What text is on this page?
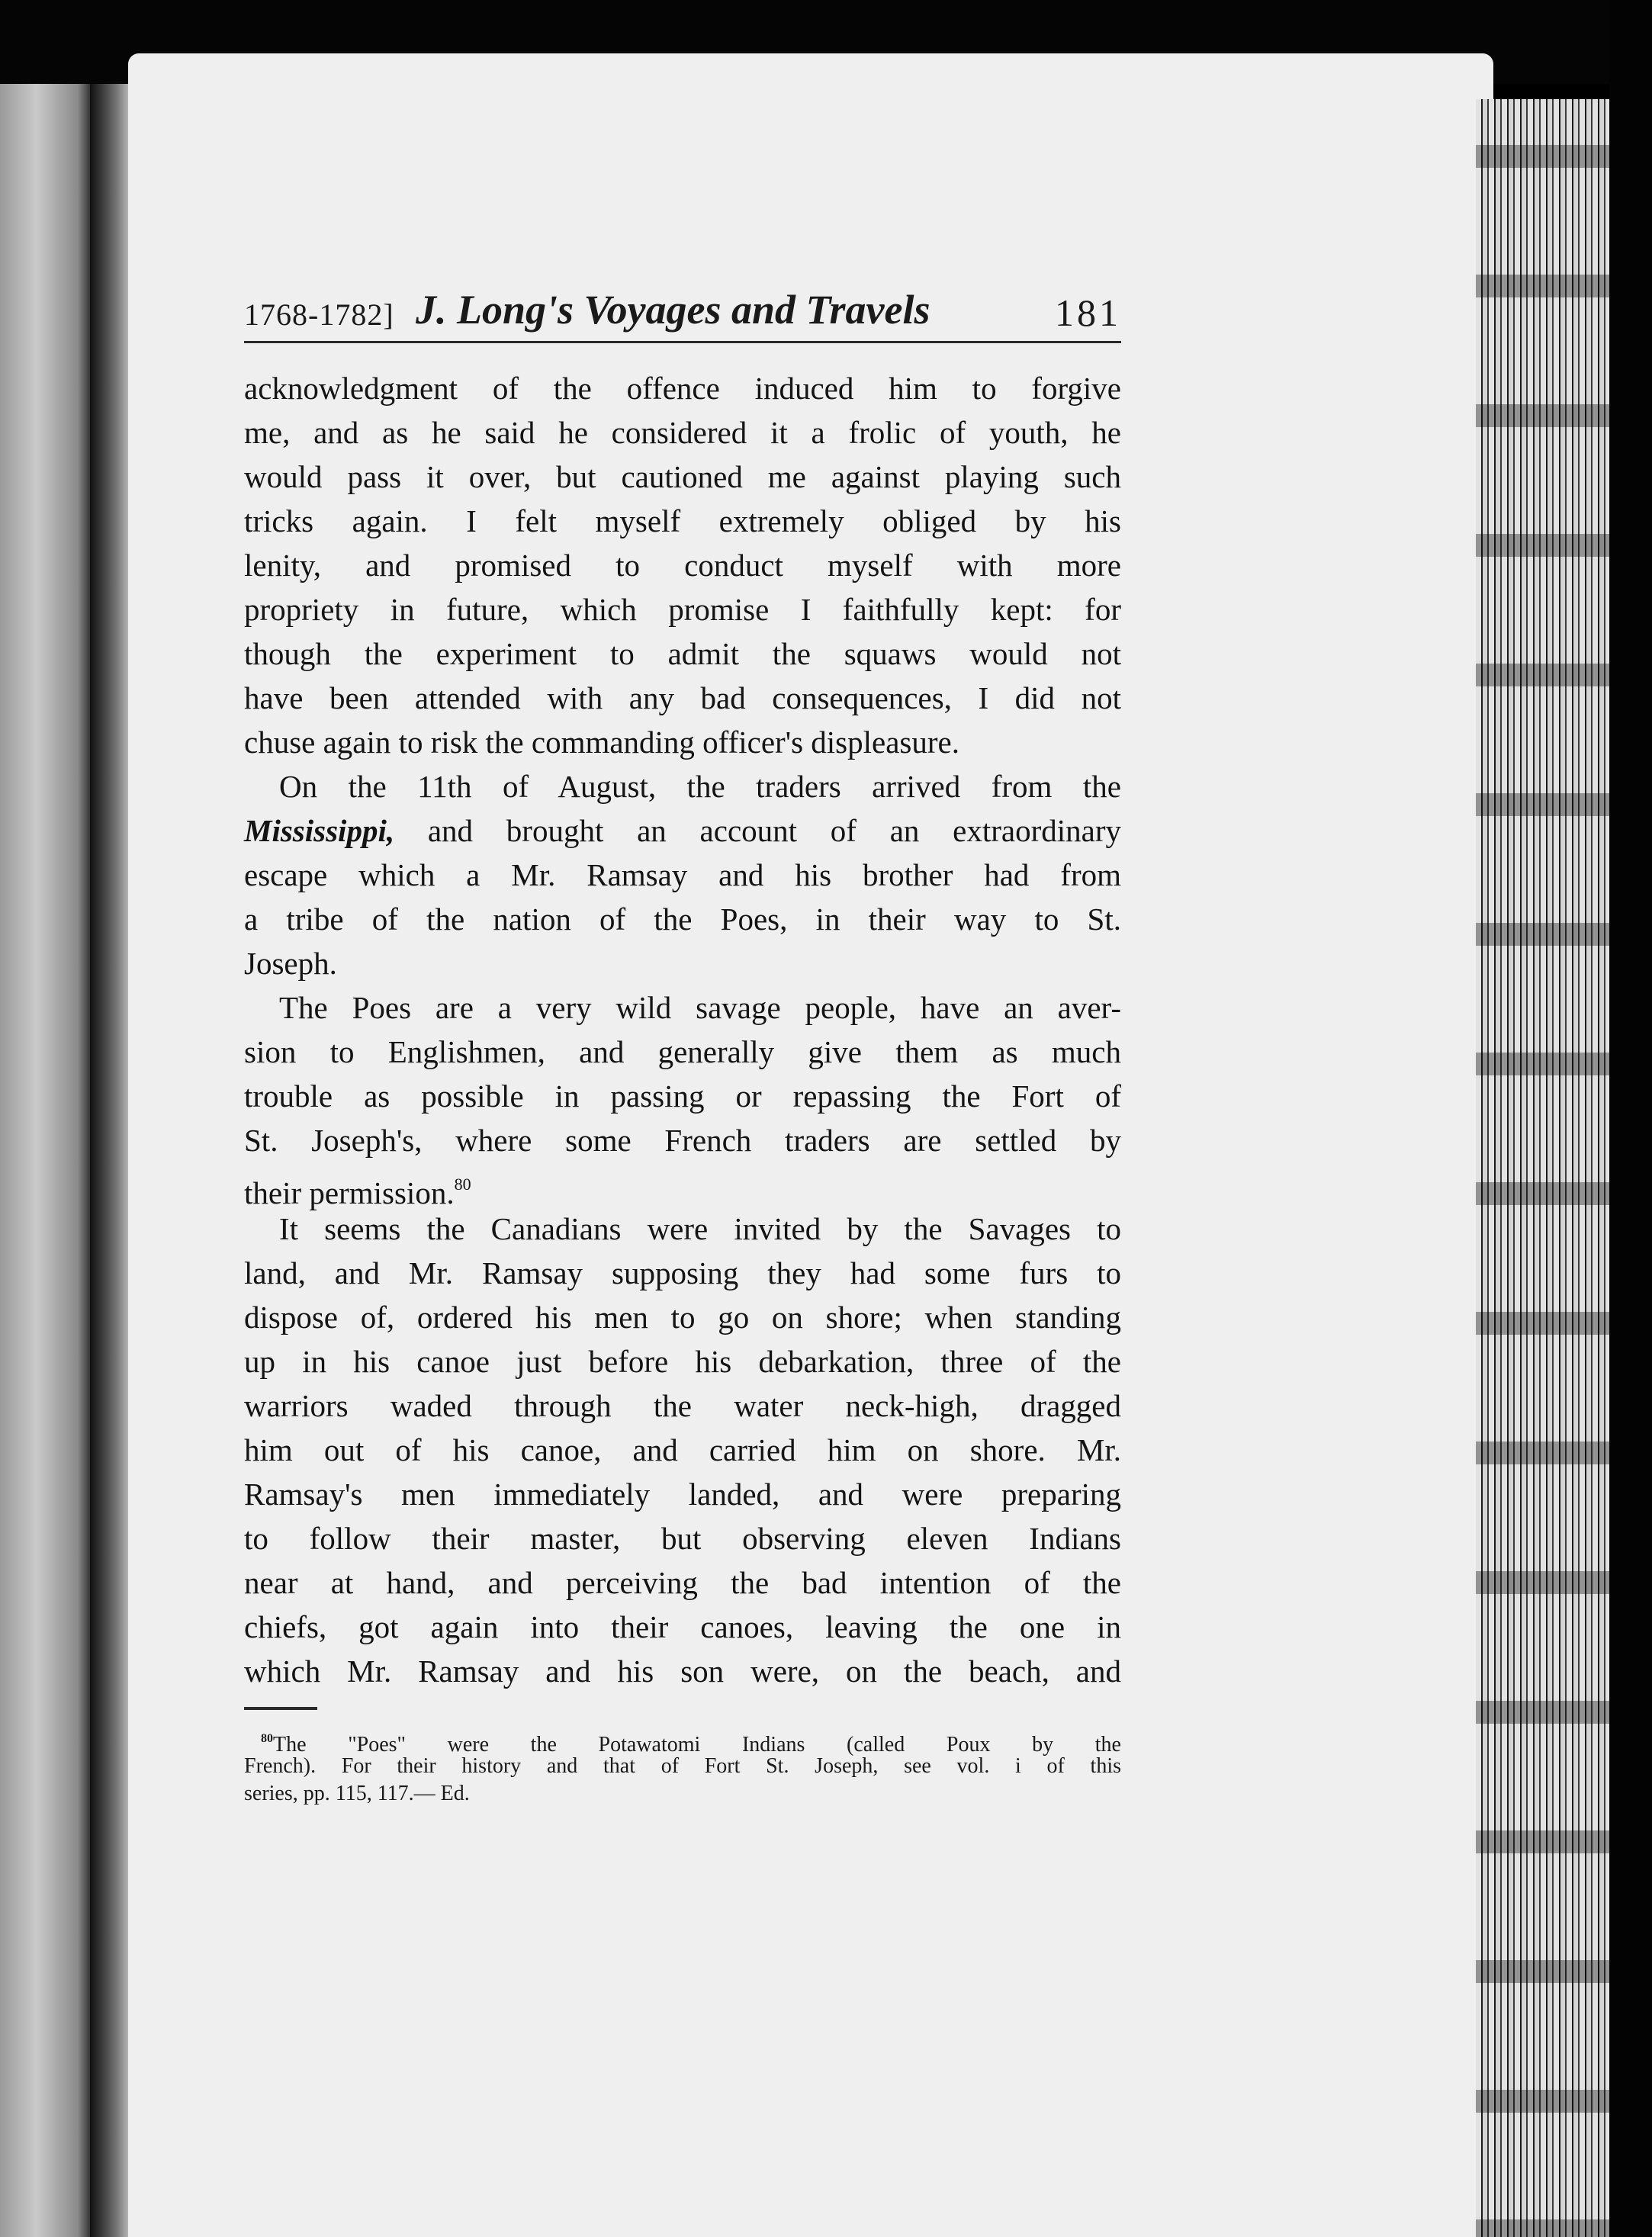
1768-1782] J. Long's Voyages and Travels	181
acknowledgment of the offence induced him to forgive
me, and as he said he considered it a frolic of youth, he
would pass it over, but cautioned me against playing such
tricks again. I felt myself extremely obliged by his
lenity, and promised to conduct myself with more
propriety in future, which promise I faithfully kept: for
though the experiment to admit the squaws would not
have been attended with any bad consequences, I did not
chuse again to risk the commanding officer's displeasure.
On the 11th of August, the traders arrived from the
Mississippi, and brought an account of an extraordinary
escape which a Mr. Ramsay and his brother had from
a tribe of the nation of the Poes, in their way to St.
Joseph.
The Poes are a very wild savage people, have an aver-
sion to Englishmen, and generally give them as much
trouble as possible in passing or repassing the Fort of
St. Joseph's, where some French traders are settled by
their permission.$^{80}$
It seems the Canadians were invited by the Savages to
land, and Mr. Ramsay supposing they had some furs to
dispose of, ordered his men to go on shore; when standing
up in his canoe just before his debarkation, three of the
warriors waded through the water neck-high, dragged
him out of his canoe, and carried him on shore. Mr.
Ramsay's men immediately landed, and were preparing
to follow their master, but observing eleven Indians
near at hand, and perceiving the bad intention of the
chiefs, got again into their canoes, leaving the one in
which Mr. Ramsay and his son were, on the beach, and
$^{80}$The "Poes" were the Potawatomi Indians (called Poux by the
French). For their history and that of Fort St. Joseph, see vol. i of this
series, pp. 115, 117.— Ed.
